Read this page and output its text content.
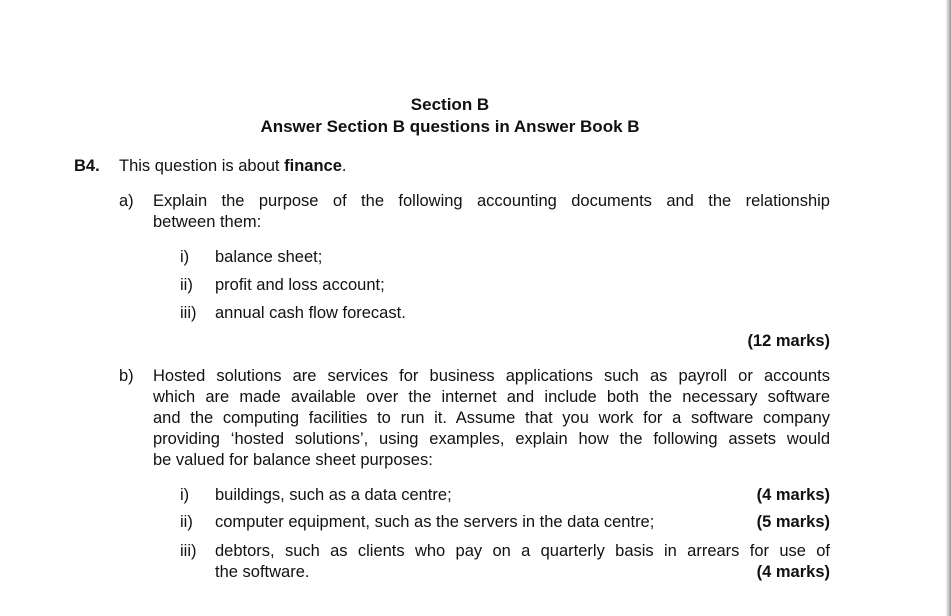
Section B
Answer Section B questions in Answer Book B
B4. This question is about finance.
a) Explain the purpose of the following accounting documents and the relationship
between them:
i) balance sheet;
ii) profit and loss account;
iii) annual cash flow forecast.
(12 marks)
b) Hosted solutions are services for business applications such as payroll or accounts
which are made available over the internet and include both the necessary software
and the computing facilities to run it. Assume that you work for a software company
providing ‘hosted solutions’, using examples, explain how the following assets would
be valued for balance sheet purposes:
i) buildings, such as a data centre;	(4 marks)
ii) computer equipment, such as the servers in the data centre;	(5 marks)
iii) debtors, such as clients who pay on a quarterly basis in arrears for use of
the software.	(4 marks)
